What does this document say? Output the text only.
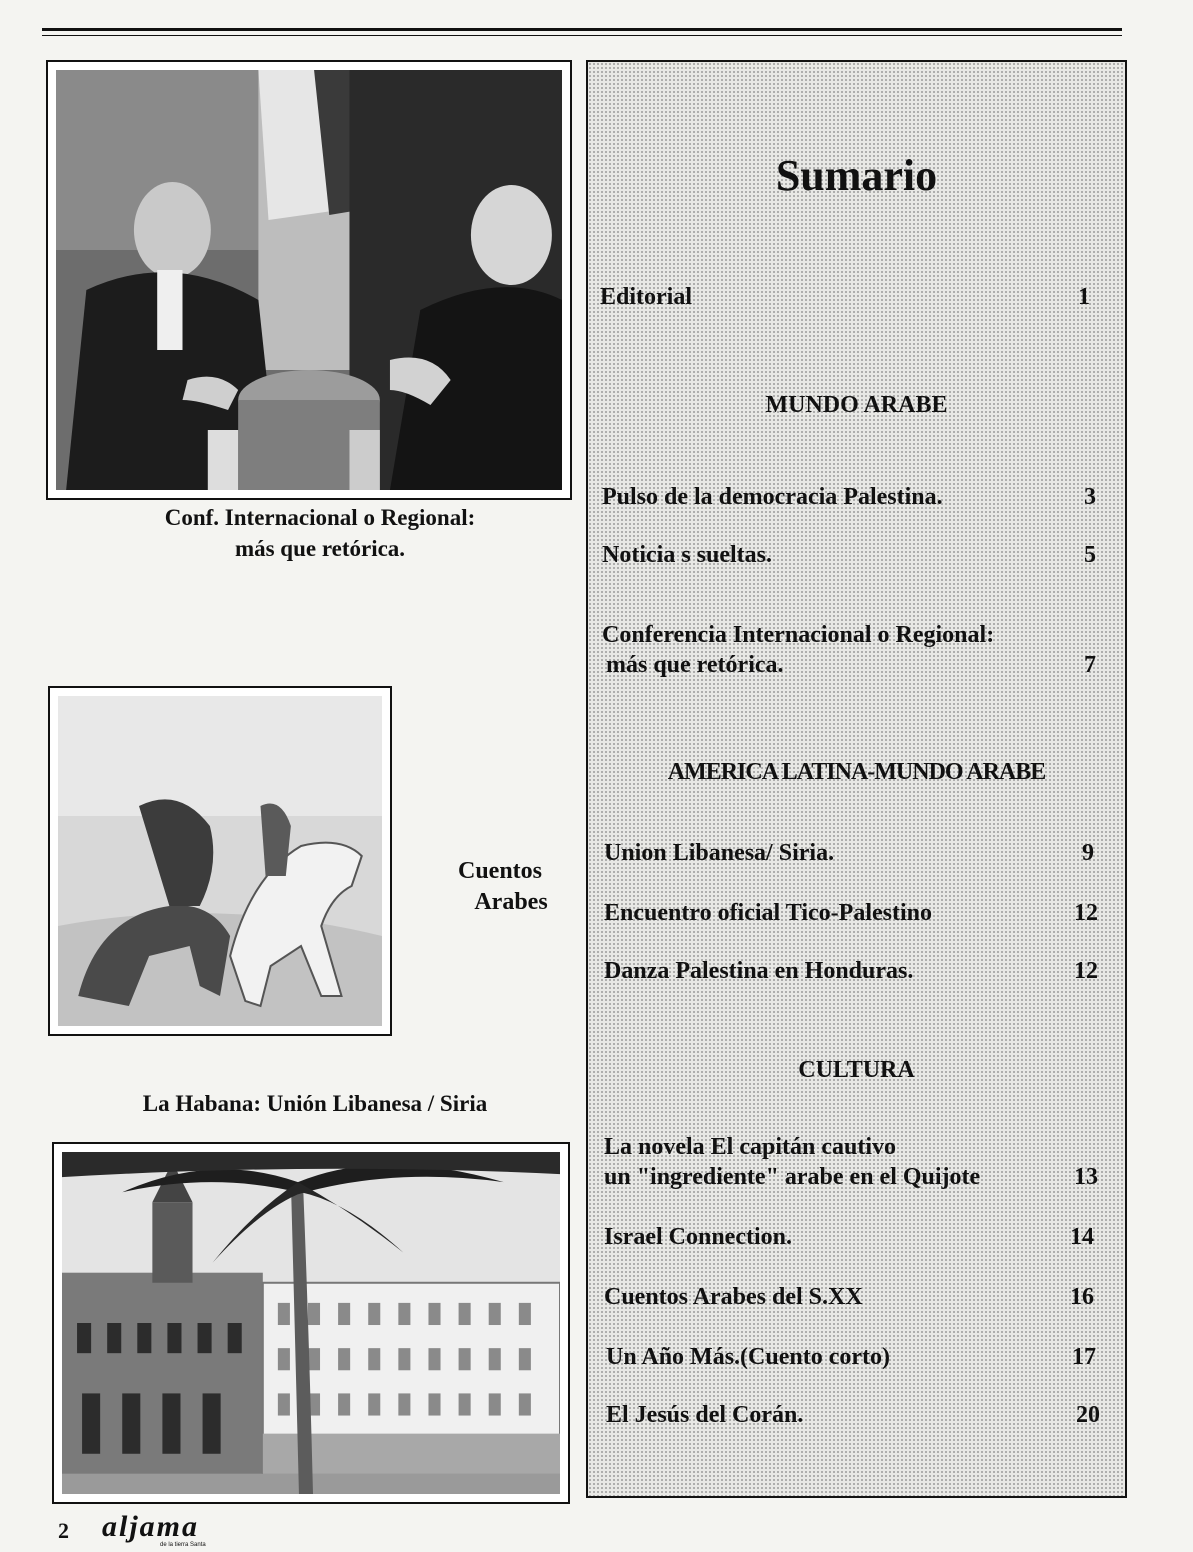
Conf. Internacional o Regional:
más que retórica.
Cuentos
Arabes
La Habana: Unión Libanesa / Siria
Sumario
Editorial	1
MUNDO ARABE
Pulso de la democracia Palestina.	3
Noticia s sueltas.	5
Conferencia Internacional o Regional:
más que retórica.	7
AMERICA LATINA-MUNDO ARABE
Union Libanesa/ Siria.	9
Encuentro oficial Tico-Palestino	12
Danza Palestina en Honduras.	12
CULTURA
La novela El capitán cautivo
un "ingrediente" arabe en el Quijote	13
Israel Connection.	14
Cuentos Arabes del S.XX	16
Un Año Más.(Cuento corto)	17
El Jesús del Corán.	20
2 aljama
de la tierra Santa
